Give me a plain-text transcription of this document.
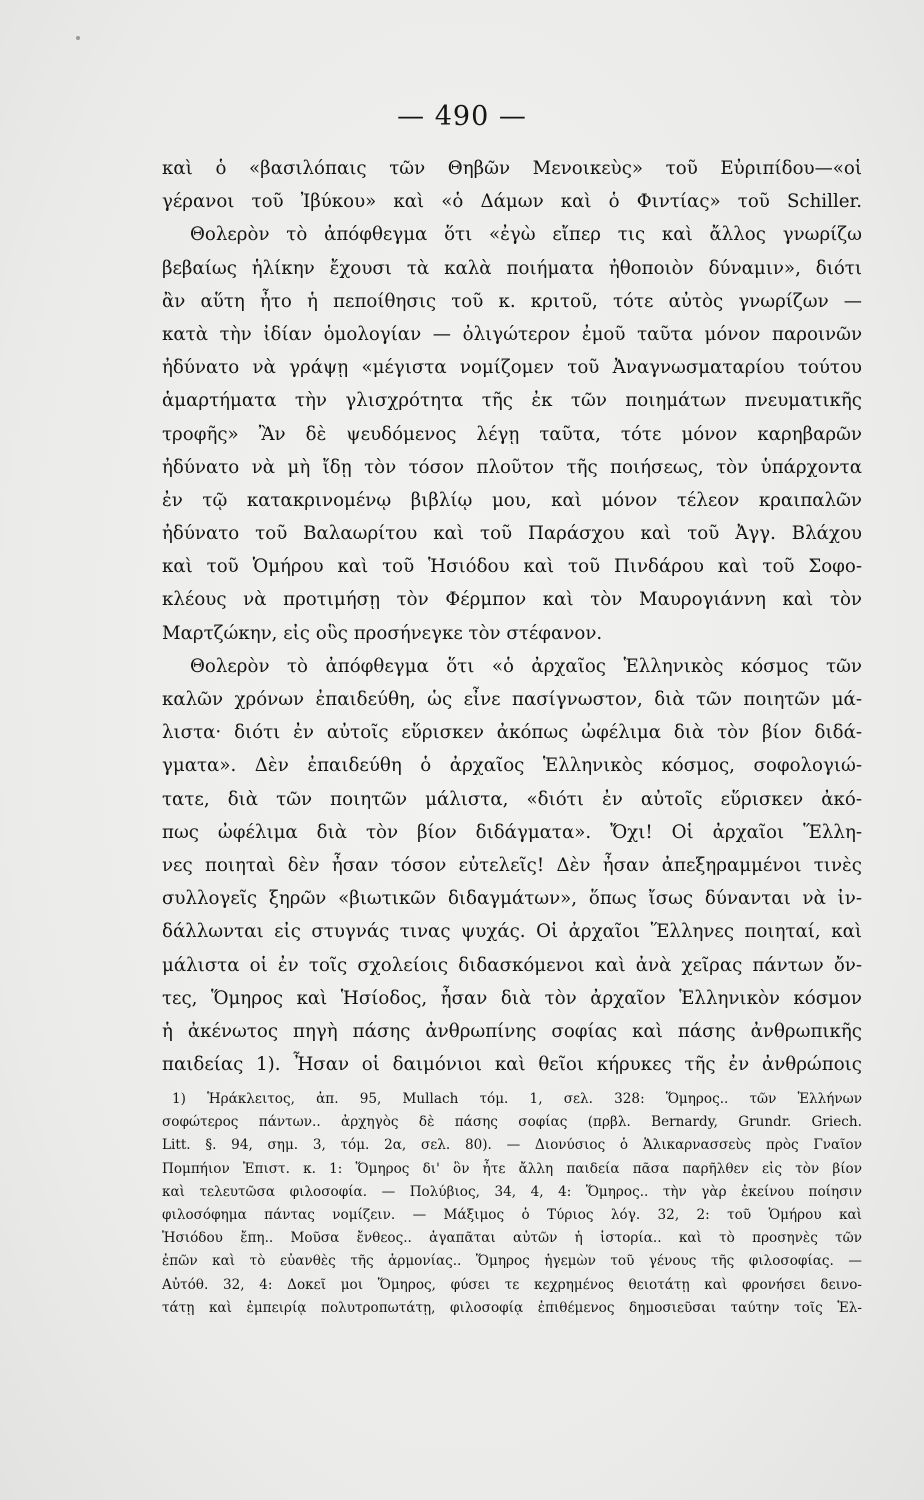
— 490 —
καὶ ὁ «βασιλόπαις τῶν Θηβῶν Μενοικεὺς» τοῦ Εὐριπίδου—«οἱ
γέρανοι τοῦ Ἰβύκου» καὶ «ὁ Δάμων καὶ ὁ Φιντίας» τοῦ Schiller.
Θολερὸν τὸ ἀπόφθεγμα ὅτι «ἐγὼ εἴπερ τις καὶ ἄλλος γνωρίζω
βεβαίως ἡλίκην ἔχουσι τὰ καλὰ ποιήματα ἠθοποιὸν δύναμιν», διότι
ἂν αὕτη ἦτο ἡ πεποίθησις τοῦ κ. κριτοῦ, τότε αὐτὸς γνωρίζων —
κατὰ τὴν ἰδίαν ὁμολογίαν — ὀλιγώτερον ἐμοῦ ταῦτα μόνον παροινῶν
ἠδύνατο νὰ γράψῃ «μέγιστα νομίζομεν τοῦ Ἀναγνωσματαρίου τούτου
ἁμαρτήματα τὴν γλισχρότητα τῆς ἐκ τῶν ποιημάτων πνευματικῆς
τροφῆς» Ἂν δὲ ψευδόμενος λέγῃ ταῦτα, τότε μόνον καρηβαρῶν
ἠδύνατο νὰ μὴ ἴδῃ τὸν τόσον πλοῦτον τῆς ποιήσεως, τὸν ὑπάρχοντα
ἐν τῷ κατακρινομένῳ βιβλίῳ μου, καὶ μόνον τέλεον κραιπαλῶν
ἠδύνατο τοῦ Βαλαωρίτου καὶ τοῦ Παράσχου καὶ τοῦ Ἀγγ. Βλάχου
καὶ τοῦ Ὁμήρου καὶ τοῦ Ἡσιόδου καὶ τοῦ Πινδάρου καὶ τοῦ Σοφο-
κλέους νὰ προτιμήσῃ τὸν Φέρμπον καὶ τὸν Μαυρογιάννη καὶ τὸν
Μαρτζώκην, εἰς οὓς προσήνεγκε τὸν στέφανον.
Θολερὸν τὸ ἀπόφθεγμα ὅτι «ὁ ἀρχαῖος Ἑλληνικὸς κόσμος τῶν
καλῶν χρόνων ἐπαιδεύθη, ὡς εἶνε πασίγνωστον, διὰ τῶν ποιητῶν μά-
λιστα· διότι ἐν αὐτοῖς εὕρισκεν ἀκόπως ὠφέλιμα διὰ τὸν βίον διδά-
γματα». Δὲν ἐπαιδεύθη ὁ ἀρχαῖος Ἑλληνικὸς κόσμος, σοφολογιώ-
τατε, διὰ τῶν ποιητῶν μάλιστα, «διότι ἐν αὐτοῖς εὕρισκεν ἀκό-
πως ὠφέλιμα διὰ τὸν βίον διδάγματα». Ὄχι! Οἱ ἀρχαῖοι Ἕλλη-
νες ποιηταὶ δὲν ἦσαν τόσον εὐτελεῖς! Δὲν ἦσαν ἀπεξηραμμένοι τινὲς
συλλογεῖς ξηρῶν «βιωτικῶν διδαγμάτων», ὅπως ἴσως δύνανται νὰ ἰν-
δάλλωνται εἰς στυγνάς τινας ψυχάς. Οἱ ἀρχαῖοι Ἕλληνες ποιηταί, καὶ
μάλιστα οἱ ἐν τοῖς σχολείοις διδασκόμενοι καὶ ἀνὰ χεῖρας πάντων ὄν-
τες, Ὅμηρος καὶ Ἡσίοδος, ἦσαν διὰ τὸν ἀρχαῖον Ἑλληνικὸν κόσμον
ἡ ἀκένωτος πηγὴ πάσης ἀνθρωπίνης σοφίας καὶ πάσης ἀνθρωπικῆς
παιδείας 1). Ἦσαν οἱ δαιμόνιοι καὶ θεῖοι κήρυκες τῆς ἐν ἀνθρώποις
1) Ἡράκλειτος, ἀπ. 95, Mullach τόμ. 1, σελ. 328: Ὅμηρος.. τῶν Ἑλλήνων
σοφώτερος πάντων.. ἀρχηγὸς δὲ πάσης σοφίας (πρβλ. Bernardy, Grundr. Griech.
Litt. §. 94, σημ. 3, τόμ. 2α, σελ. 80). — Διονύσιος ὁ Ἁλικαρνασσεὺς πρὸς Γναῖον
Πομπήιον Ἐπιστ. κ. 1: Ὅμηρος δι' ὃν ἦτε ἄλλη παιδεία πᾶσα παρῆλθεν εἰς τὸν βίον
καὶ τελευτῶσα φιλοσοφία. — Πολύβιος, 34, 4, 4: Ὅμηρος.. τὴν γὰρ ἐκείνου ποίησιν
φιλοσόφημα πάντας νομίζειν. — Μάξιμος ὁ Τύριος λόγ. 32, 2: τοῦ Ὁμήρου καὶ
Ἡσιόδου ἔπη.. Μοῦσα ἔνθεος.. ἀγαπᾶται αὐτῶν ἡ ἱστορία.. καὶ τὸ προσηνὲς τῶν
ἐπῶν καὶ τὸ εὐανθὲς τῆς ἁρμονίας.. Ὅμηρος ἡγεμὼν τοῦ γένους τῆς φιλοσοφίας. —
Αὐτόθ. 32, 4: Δοκεῖ μοι Ὅμηρος, φύσει τε κεχρημένος θειοτάτῃ καὶ φρονήσει δεινο-
τάτῃ καὶ ἐμπειρίᾳ πολυτροπωτάτῃ, φιλοσοφίᾳ ἐπιθέμενος δημοσιεῦσαι ταύτην τοῖς Ἑλ-
